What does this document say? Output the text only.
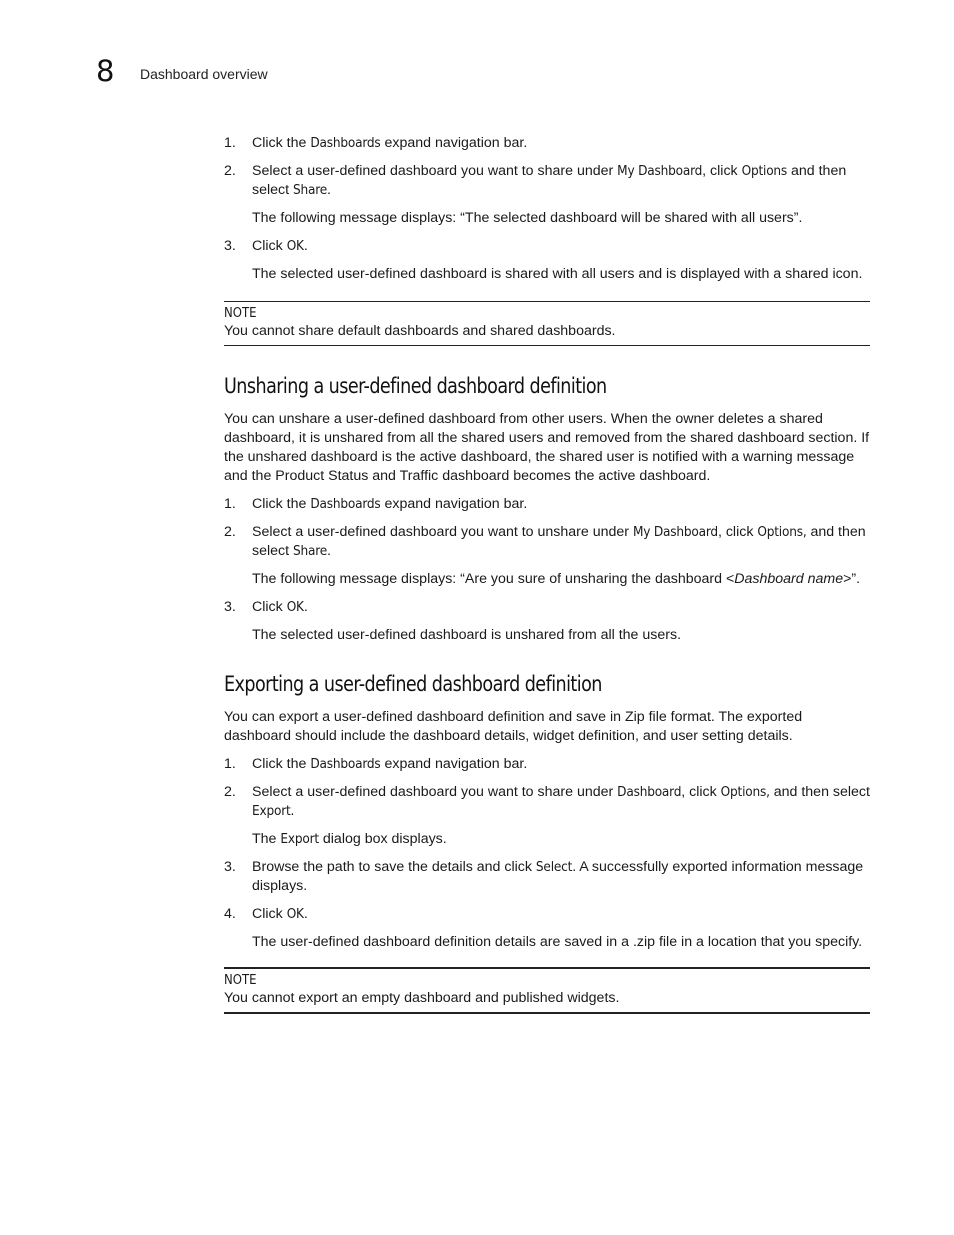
8 Dashboard overview
1. Click the Dashboards expand navigation bar.
2. Select a user-defined dashboard you want to share under My Dashboard, click Options and then select Share.
The following message displays: “The selected dashboard will be shared with all users”.
3. Click OK.
The selected user-defined dashboard is shared with all users and is displayed with a shared icon.
NOTE
You cannot share default dashboards and shared dashboards.
Unsharing a user-defined dashboard definition
You can unshare a user-defined dashboard from other users. When the owner deletes a shared dashboard, it is unshared from all the shared users and removed from the shared dashboard section. If the unshared dashboard is the active dashboard, the shared user is notified with a warning message and the Product Status and Traffic dashboard becomes the active dashboard.
1. Click the Dashboards expand navigation bar.
2. Select a user-defined dashboard you want to unshare under My Dashboard, click Options, and then select Share.
The following message displays: “Are you sure of unsharing the dashboard <Dashboard name>”.
3. Click OK.
The selected user-defined dashboard is unshared from all the users.
Exporting a user-defined dashboard definition
You can export a user-defined dashboard definition and save in Zip file format. The exported dashboard should include the dashboard details, widget definition, and user setting details.
1. Click the Dashboards expand navigation bar.
2. Select a user-defined dashboard you want to share under Dashboard, click Options, and then select Export.
The Export dialog box displays.
3. Browse the path to save the details and click Select. A successfully exported information message displays.
4. Click OK.
The user-defined dashboard definition details are saved in a .zip file in a location that you specify.
NOTE
You cannot export an empty dashboard and published widgets.
